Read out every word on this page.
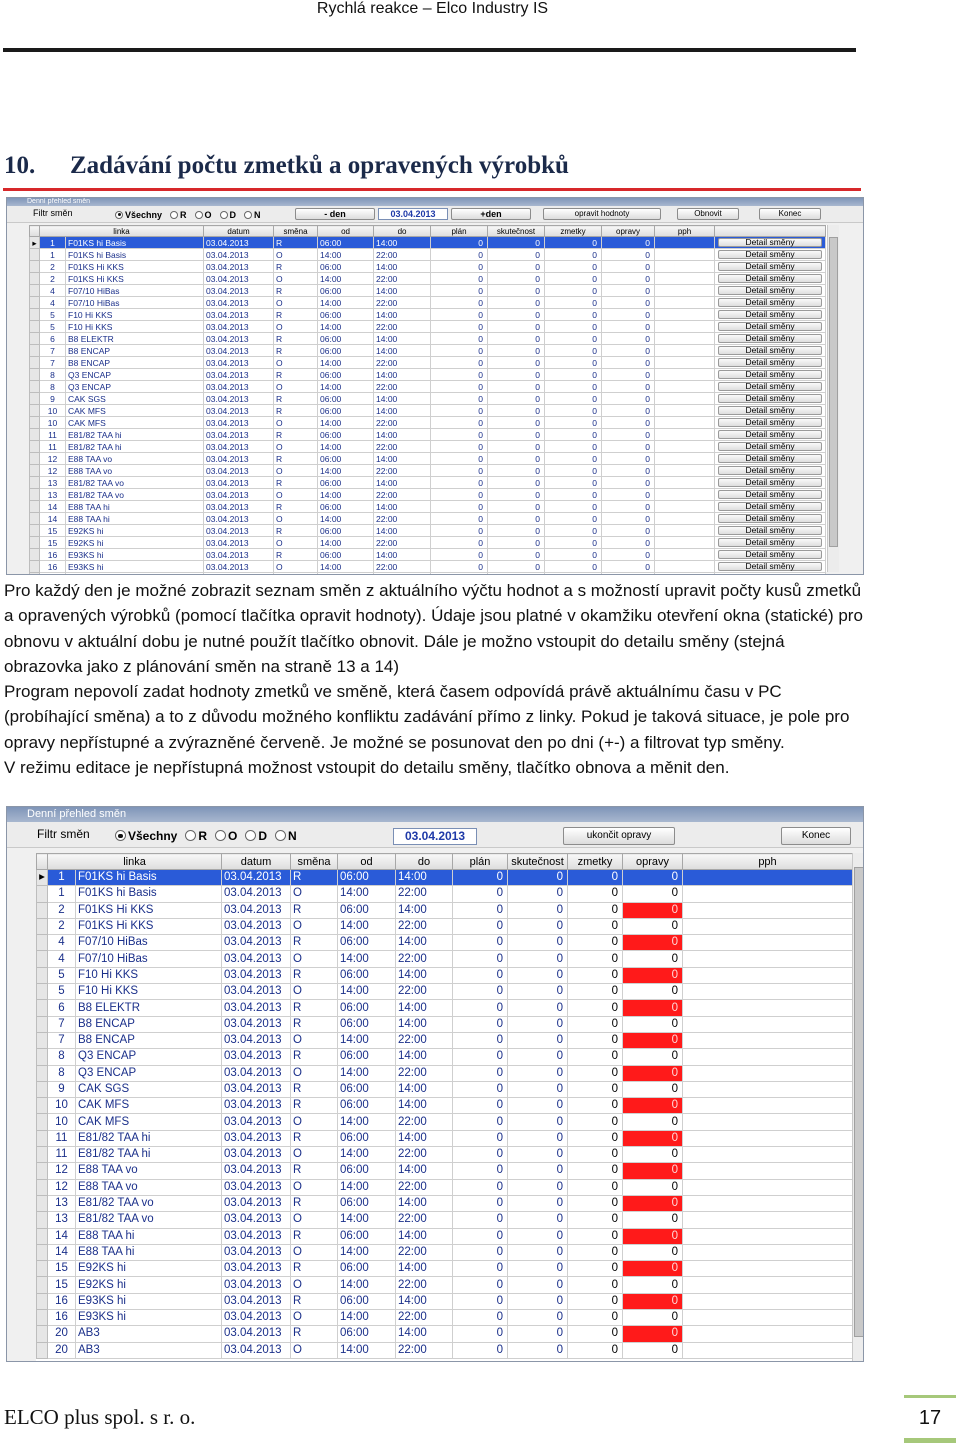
Rychlá reakce – Elco Industry IS
10. Zadávání počtu zmetků a opravených výrobků
Denní přehled směn
Filtr směn	Všechny R O D N	- den	03.04.2013	+den	opravit hodnoty	Obnovit	Konec
	linka		datum	směna	od	do	plán	skutečnost	zmetky	opravy	pph	
▸	1	F01KS hi Basis	03.04.2013	R	06:00	14:00	0	0	0	0		Detail směny

	1	F01KS hi Basis	03.04.2013	O	14:00	22:00	0	0	0	0		Detail směny

	2	F01KS Hi KKS	03.04.2013	R	06:00	14:00	0	0	0	0		Detail směny

	2	F01KS Hi KKS	03.04.2013	O	14:00	22:00	0	0	0	0		Detail směny

	4	F07/10 HiBas	03.04.2013	R	06:00	14:00	0	0	0	0		Detail směny

	4	F07/10 HiBas	03.04.2013	O	14:00	22:00	0	0	0	0		Detail směny

	5	F10 Hi KKS	03.04.2013	R	06:00	14:00	0	0	0	0		Detail směny

	5	F10 Hi KKS	03.04.2013	O	14:00	22:00	0	0	0	0		Detail směny

	6	B8 ELEKTR	03.04.2013	R	06:00	14:00	0	0	0	0		Detail směny

	7	B8 ENCAP	03.04.2013	R	06:00	14:00	0	0	0	0		Detail směny

	7	B8 ENCAP	03.04.2013	O	14:00	22:00	0	0	0	0		Detail směny

	8	Q3 ENCAP	03.04.2013	R	06:00	14:00	0	0	0	0		Detail směny

	8	Q3 ENCAP	03.04.2013	O	14:00	22:00	0	0	0	0		Detail směny

	9	CAK SGS	03.04.2013	R	06:00	14:00	0	0	0	0		Detail směny

	10	CAK MFS	03.04.2013	R	06:00	14:00	0	0	0	0		Detail směny

	10	CAK MFS	03.04.2013	O	14:00	22:00	0	0	0	0		Detail směny

	11	E81/82 TAA hi	03.04.2013	R	06:00	14:00	0	0	0	0		Detail směny

	11	E81/82 TAA hi	03.04.2013	O	14:00	22:00	0	0	0	0		Detail směny

	12	E88 TAA vo	03.04.2013	R	06:00	14:00	0	0	0	0		Detail směny

	12	E88 TAA vo	03.04.2013	O	14:00	22:00	0	0	0	0		Detail směny

	13	E81/82 TAA vo	03.04.2013	R	06:00	14:00	0	0	0	0		Detail směny

	13	E81/82 TAA vo	03.04.2013	O	14:00	22:00	0	0	0	0		Detail směny

	14	E88 TAA hi	03.04.2013	R	06:00	14:00	0	0	0	0		Detail směny

	14	E88 TAA hi	03.04.2013	O	14:00	22:00	0	0	0	0		Detail směny

	15	E92KS hi	03.04.2013	R	06:00	14:00	0	0	0	0		Detail směny

	15	E92KS hi	03.04.2013	O	14:00	22:00	0	0	0	0		Detail směny

	16	E93KS hi	03.04.2013	R	06:00	14:00	0	0	0	0		Detail směny

	16	E93KS hi	03.04.2013	O	14:00	22:00	0	0	0	0		Detail směny

Pro každý den je možné zobrazit seznam směn z aktuálního výčtu hodnot a s možností upravit počty kusů zmetků a opravených výrobků (pomocí tlačítka opravit hodnoty). Údaje jsou platné v okamžiku otevření okna (statické) pro obnovu v aktuální dobu je nutné použít tlačítko obnovit. Dále je možno vstoupit do detailu směny (stejná obrazovka jako z plánování směn na straně 13 a 14)

Program nepovolí zadat hodnoty zmetků ve směně, která časem odpovídá právě aktuálnímu času v PC (probíhající směna) a to z důvodu možného konfliktu zadávání přímo z linky. Pokud je taková situace, je pole pro opravy nepřístupné a zvýrazněné červeně. Je možné se posunovat den po dni (+-) a filtrovat typ směny.

V režimu editace je nepřístupná možnost vstoupit do detailu směny, tlačítko obnova a měnit den.

Denní přehled směn
Filtr směn	Všechny R O D N	03.04.2013	ukončit opravy	Konec
	linka		datum	směna	od	do	plán	skutečnost	zmetky	opravy	pph
▸	1	F01KS hi Basis	03.04.2013	R	06:00	14:00	0	0	0	0	
	1	F01KS hi Basis	03.04.2013	O	14:00	22:00	0	0	0	0	
	2	F01KS Hi KKS	03.04.2013	R	06:00	14:00	0	0	0	0	
	2	F01KS Hi KKS	03.04.2013	O	14:00	22:00	0	0	0	0	
	4	F07/10 HiBas	03.04.2013	R	06:00	14:00	0	0	0	0	
	4	F07/10 HiBas	03.04.2013	O	14:00	22:00	0	0	0	0	
	5	F10 Hi KKS	03.04.2013	R	06:00	14:00	0	0	0	0	
	5	F10 Hi KKS	03.04.2013	O	14:00	22:00	0	0	0	0	
	6	B8 ELEKTR	03.04.2013	R	06:00	14:00	0	0	0	0	
	7	B8 ENCAP	03.04.2013	R	06:00	14:00	0	0	0	0	
	7	B8 ENCAP	03.04.2013	O	14:00	22:00	0	0	0	0	
	8	Q3 ENCAP	03.04.2013	R	06:00	14:00	0	0	0	0	
	8	Q3 ENCAP	03.04.2013	O	14:00	22:00	0	0	0	0	
	9	CAK SGS	03.04.2013	R	06:00	14:00	0	0	0	0	
	10	CAK MFS	03.04.2013	R	06:00	14:00	0	0	0	0	
	10	CAK MFS	03.04.2013	O	14:00	22:00	0	0	0	0	
	11	E81/82 TAA hi	03.04.2013	R	06:00	14:00	0	0	0	0	
	11	E81/82 TAA hi	03.04.2013	O	14:00	22:00	0	0	0	0	
	12	E88 TAA vo	03.04.2013	R	06:00	14:00	0	0	0	0	
	12	E88 TAA vo	03.04.2013	O	14:00	22:00	0	0	0	0	
	13	E81/82 TAA vo	03.04.2013	R	06:00	14:00	0	0	0	0	
	13	E81/82 TAA vo	03.04.2013	O	14:00	22:00	0	0	0	0	
	14	E88 TAA hi	03.04.2013	R	06:00	14:00	0	0	0	0	
	14	E88 TAA hi	03.04.2013	O	14:00	22:00	0	0	0	0	
	15	E92KS hi	03.04.2013	R	06:00	14:00	0	0	0	0	
	15	E92KS hi	03.04.2013	O	14:00	22:00	0	0	0	0	
	16	E93KS hi	03.04.2013	R	06:00	14:00	0	0	0	0	
	16	E93KS hi	03.04.2013	O	14:00	22:00	0	0	0	0	
	20	AB3	03.04.2013	R	06:00	14:00	0	0	0	0	
	20	AB3	03.04.2013	O	14:00	22:00	0	0	0	0	
ELCO plus spol. s r. o.	17
